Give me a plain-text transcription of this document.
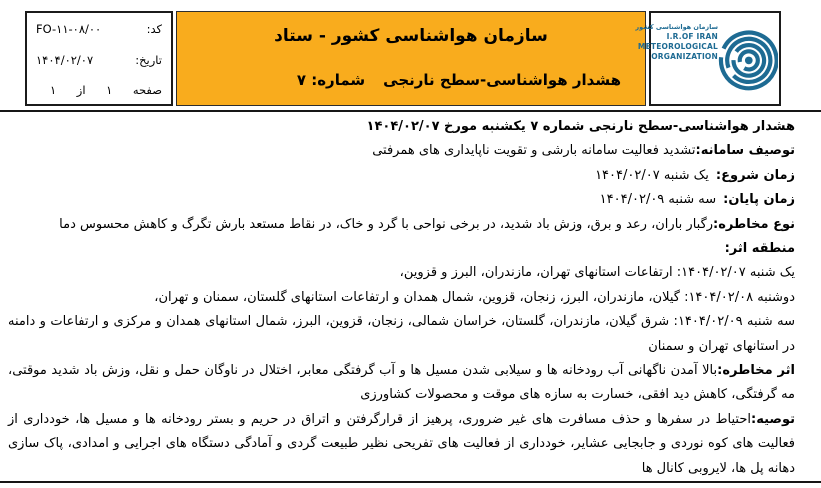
کد:
FO-۱۱-۰۸/۰۰
تاریخ:
۱۴۰۴/۰۲/۰۷
صفحه
۱
از
۱
سازمان هواشناسی کشور - ستاد
هشدار هواشناسی-سطح نارنجی
شماره: ۷
سازمان هواشناسی کشور
I.R.OF IRAN
METEOROLOGICAL
ORGANIZATION

هشدار هواشناسی-سطح نارنجی شماره ۷ یکشنبه مورخ ۱۴۰۴/۰۲/۰۷

توصیف سامانه:تشدید فعالیت سامانه بارشی و تقویت ناپایداری های همرفتی

زمان شروع:یک شنبه ۱۴۰۴/۰۲/۰۷

زمان پایان:سه شنبه ۱۴۰۴/۰۲/۰۹

نوع مخاطره:رگبار باران، رعد و برق، وزش باد شدید، در برخی نواحی با گرد و خاک، در نقاط مستعد بارش تگرگ و کاهش محسوس دما

منطقه اثر:

یک شنبه ۱۴۰۴/۰۲/۰۷: ارتفاعات استانهای تهران، مازندران، البرز و قزوین،

دوشنبه ۱۴۰۴/۰۲/۰۸: گیلان، مازندران، البرز، زنجان، قزوین، شمال همدان و ارتفاعات استانهای گلستان، سمنان و تهران،

سه شنبه ۱۴۰۴/۰۲/۰۹: شرق گیلان، مازندران، گلستان، خراسان شمالی، زنجان، قزوین، البرز، شمال استانهای همدان و مرکزی و ارتفاعات و دامنه در استانهای تهران و سمنان

اثر مخاطره:بالا آمدن ناگهانی آب رودخانه ها و سیلابی شدن مسیل ها و آب گرفتگی معابر، اختلال در ناوگان حمل و نقل، وزش باد شدید موقتی، مه گرفتگی، کاهش دید افقی، خسارت به سازه های موقت و محصولات کشاورزی

توصیه:احتیاط در سفرها و حذف مسافرت های غیر ضروری، پرهیز از قرارگرفتن و اتراق در حریم و بستر رودخانه ها و مسیل ها، خودداری از فعالیت های کوه نوردی و جابجایی عشایر، خودداری از فعالیت های تفریحی نظیر طبیعت گردی و آمادگی دستگاه های اجرایی و امدادی، پاک سازی دهانه پل ها، لایروبی کانال ها
